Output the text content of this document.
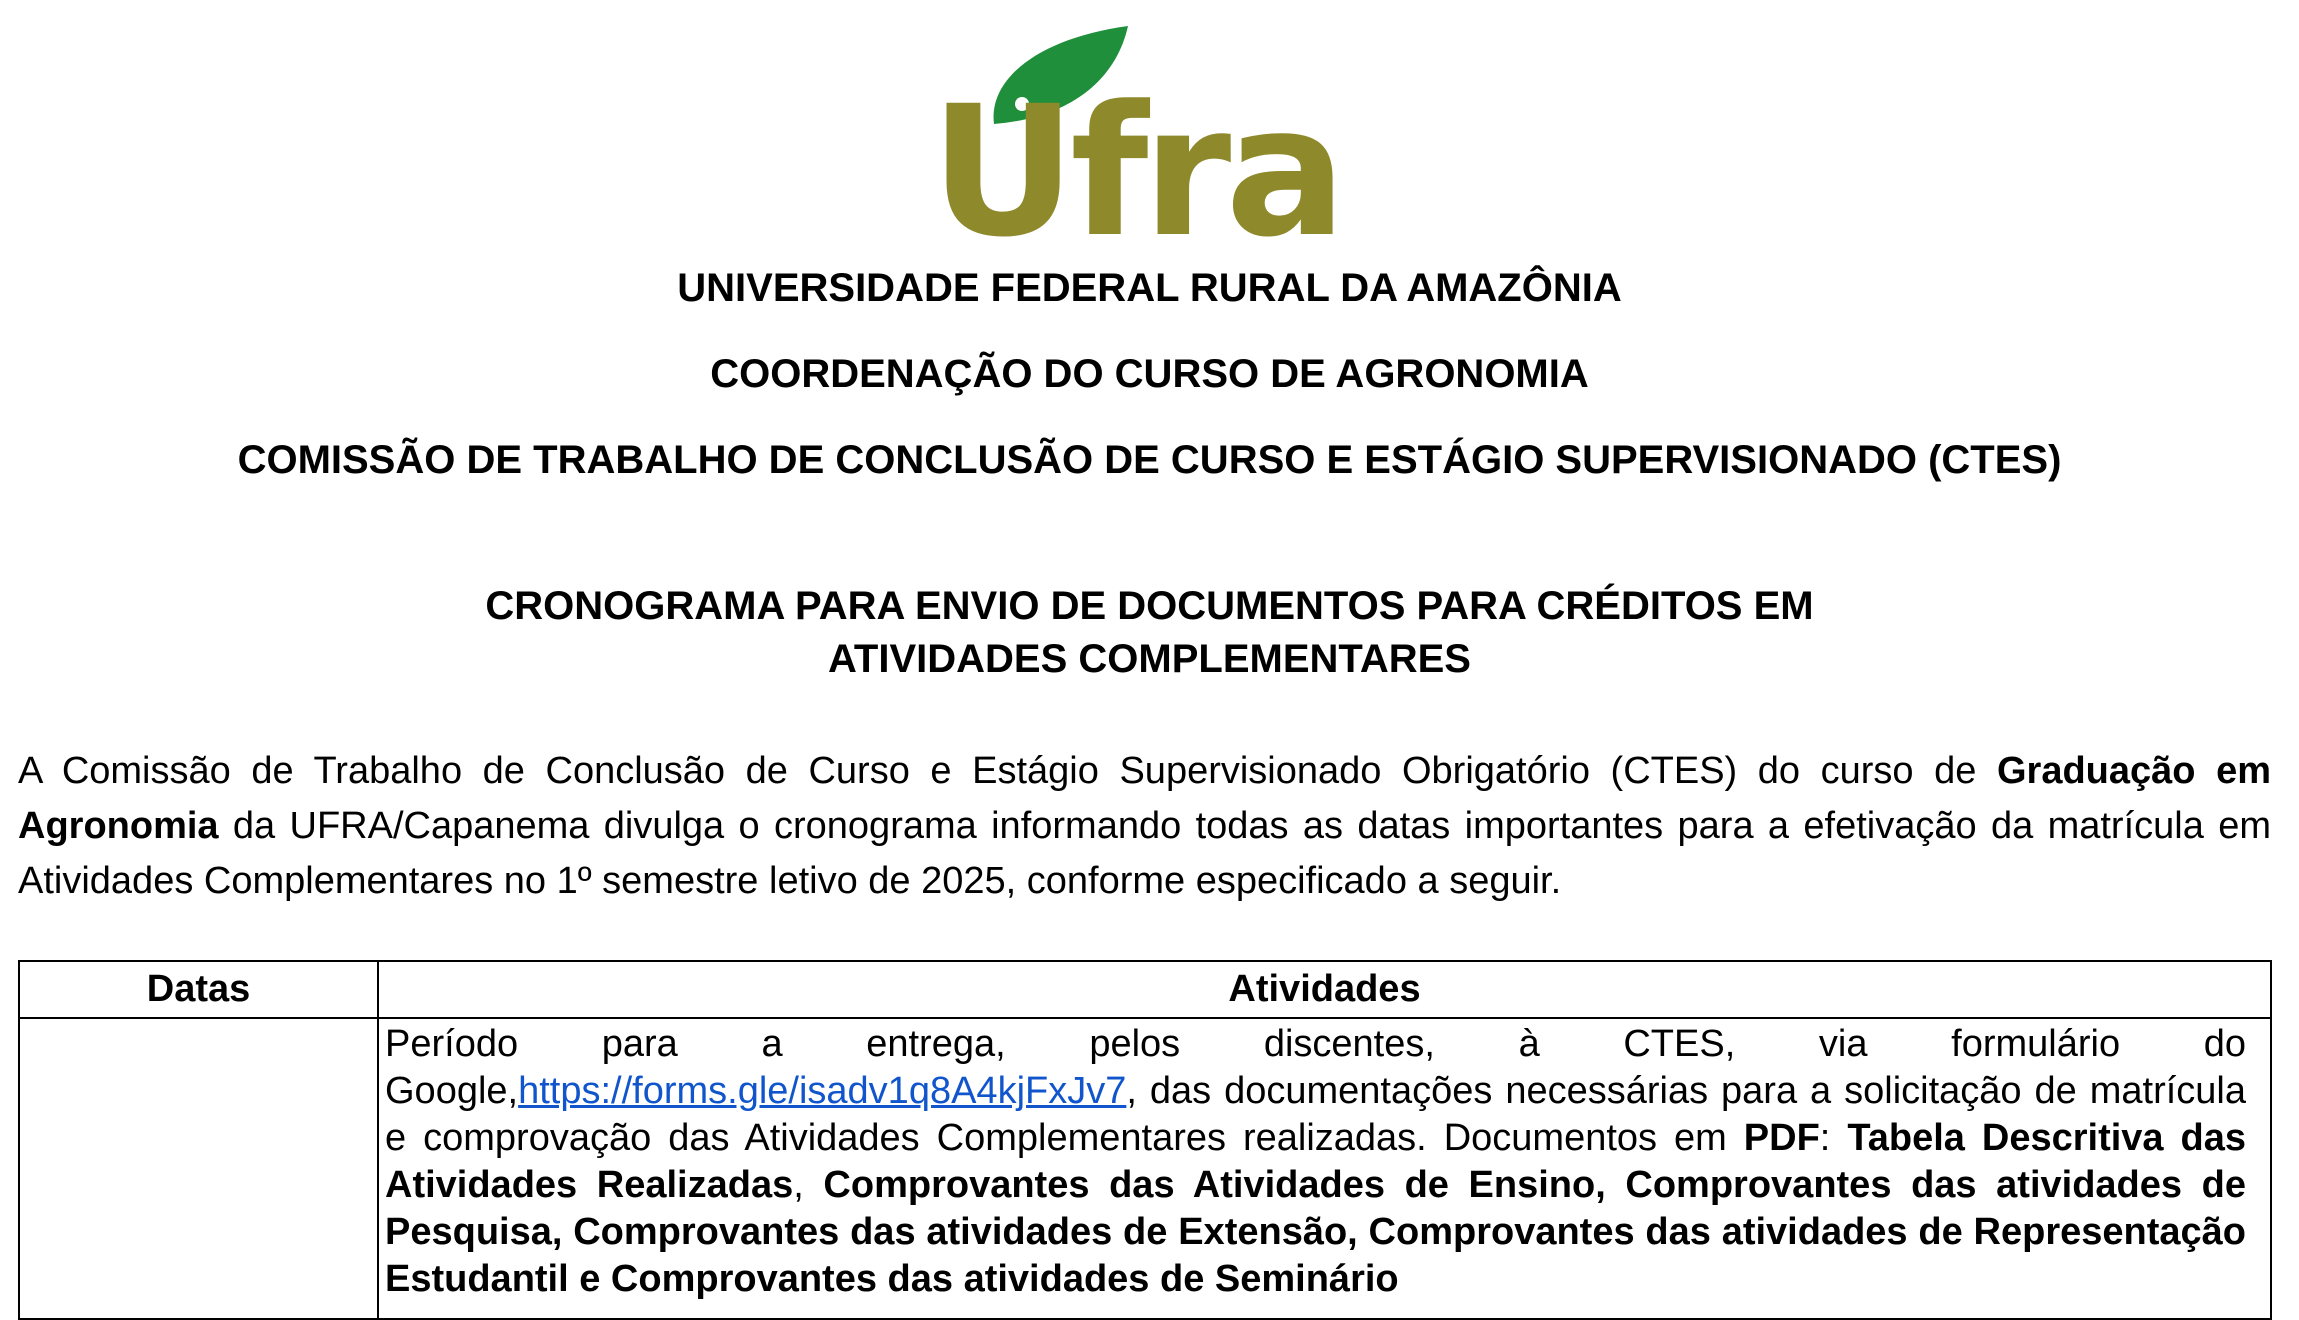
Ufra
UNIVERSIDADE FEDERAL RURAL DA AMAZÔNIA
COORDENAÇÃO DO CURSO DE AGRONOMIA
COMISSÃO DE TRABALHO DE CONCLUSÃO DE CURSO E ESTÁGIO SUPERVISIONADO (CTES)
CRONOGRAMA PARA ENVIO DE DOCUMENTOS PARA CRÉDITOS EM
ATIVIDADES COMPLEMENTARES
A Comissão de Trabalho de Conclusão de Curso e Estágio Supervisionado Obrigatório (CTES) do curso de Graduação em Agronomia da UFRA/Capanema divulga o cronograma informando todas as datas importantes para a efetivação da matrícula em Atividades Complementares no 1º semestre letivo de 2025, conforme especificado a seguir.
Datas	Atividades
Período para a entrega, pelos discentes, à CTES, via formulário do Google,https://forms.gle/isadv1q8A4kjFxJv7, das documentações necessárias para a solicitação de matrícula e comprovação das Atividades Complementares realizadas. Documentos em PDF: Tabela Descritiva das Atividades Realizadas, Comprovantes das Atividades de Ensino, Comprovantes das atividades de Pesquisa, Comprovantes das atividades de Extensão, Comprovantes das atividades de Representação Estudantil e Comprovantes das atividades de Seminário
